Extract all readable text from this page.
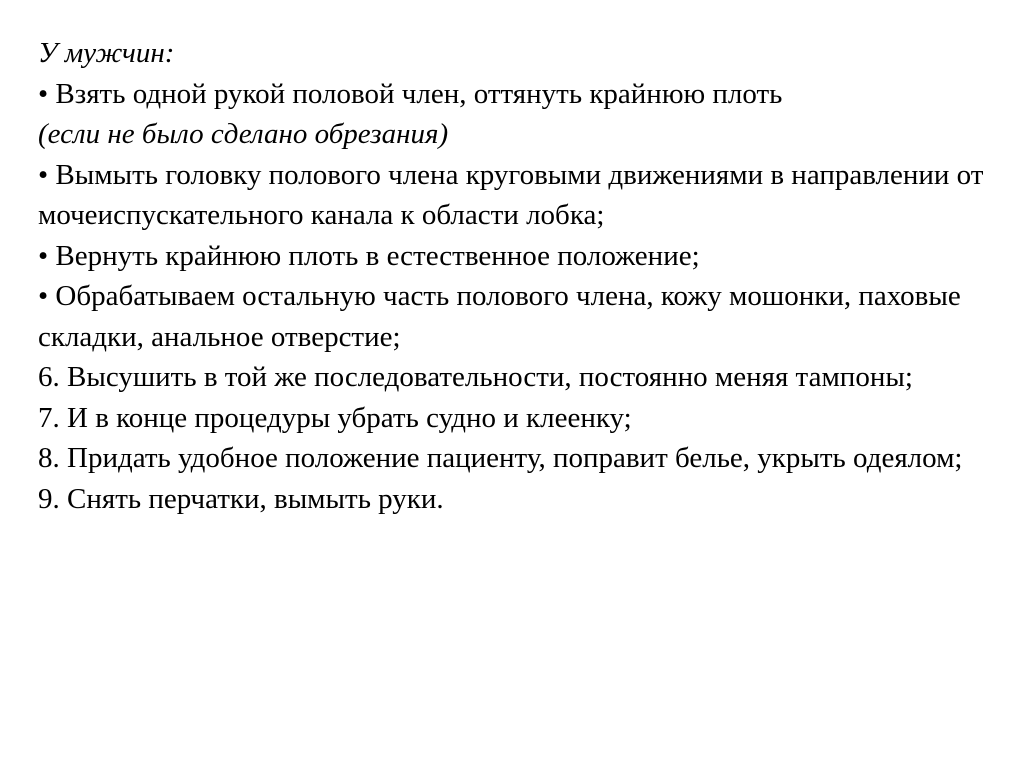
У мужчин:

• Взять одной рукой половой член, оттянуть крайнюю плоть

(если не было сделано обрезания)

• Вымыть головку полового члена круговыми движениями в направлении от мочеиспускательного канала к области лобка;

• Вернуть крайнюю плоть в естественное положение;

• Обрабатываем остальную часть полового члена, кожу мошонки, паховые складки, анальное отверстие;

6. Высушить в той же последовательности, постоянно меняя тампоны;

7. И в конце процедуры убрать судно и клеенку;

8. Придать удобное положение пациенту, поправит белье, укрыть одеялом;

9. Снять перчатки, вымыть руки.
